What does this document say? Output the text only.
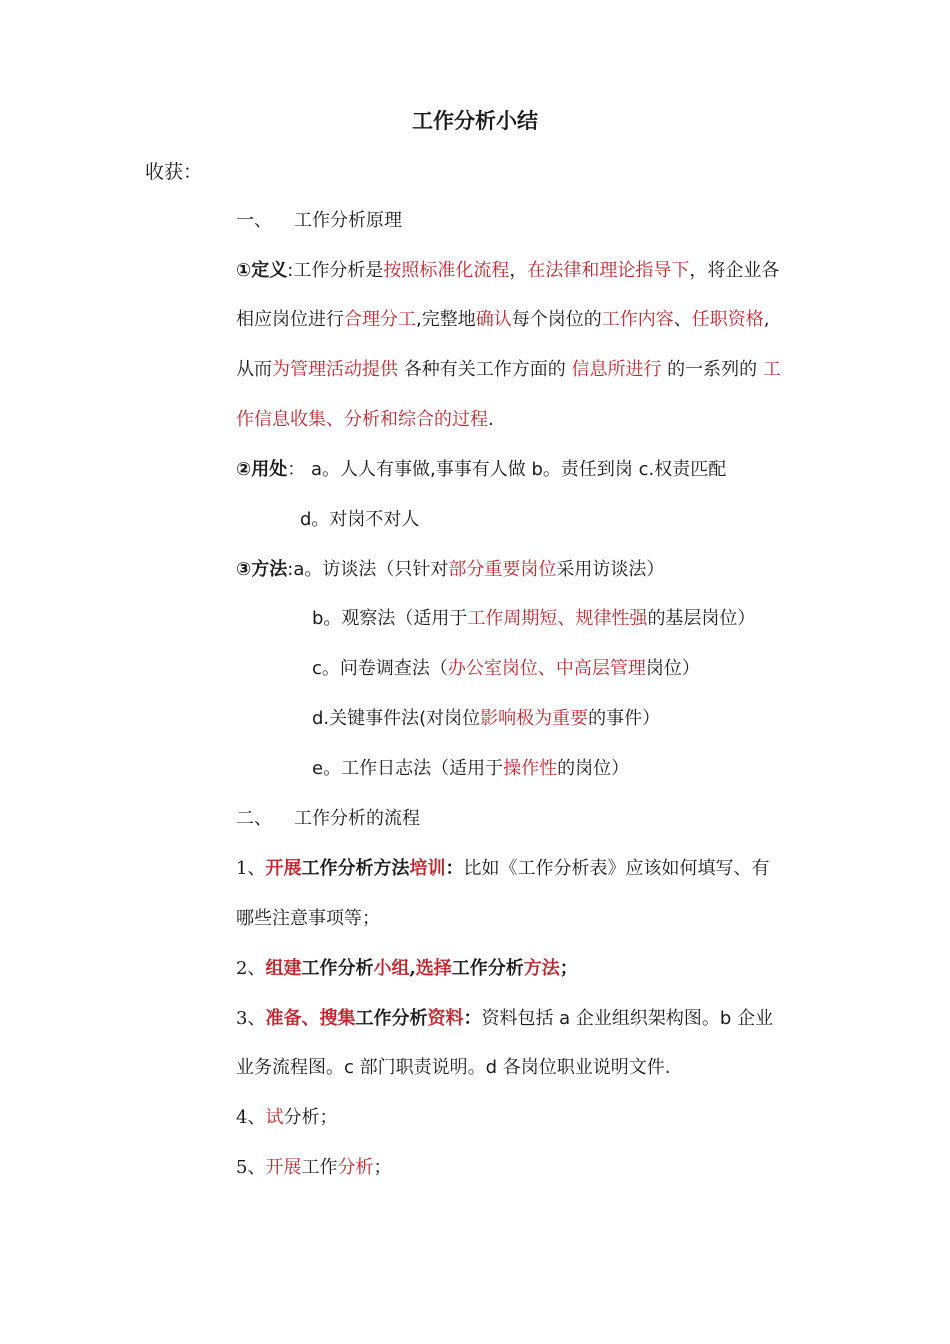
工作分析小结
收获：
一、 工作分析原理
①定义:工作分析是按照标准化流程，在法律和理论指导下，将企业各
相应岗位进行合理分工,完整地确认每个岗位的工作内容、任职资格,
从而为管理活动提供 各种有关工作方面的 信息所进行 的一系列的 工
作信息收集、分析和综合的过程.
②用处： a。人人有事做,事事有人做 b。责任到岗 c.权责匹配
d。对岗不对人
③方法:a。访谈法（只针对部分重要岗位采用访谈法）
b。观察法（适用于工作周期短、规律性强的基层岗位）
c。问卷调查法（办公室岗位、中高层管理岗位）
d.关键事件法(对岗位影响极为重要的事件）
e。工作日志法（适用于操作性的岗位）
二、 工作分析的流程
1、开展工作分析方法培训：比如《工作分析表》应该如何填写、有
哪些注意事项等；
2、组建工作分析小组,选择工作分析方法；
3、准备、搜集工作分析资料：资料包括 a 企业组织架构图。b 企业
业务流程图。c 部门职责说明。d 各岗位职业说明文件.
4、试分析；
5、开展工作分析；
